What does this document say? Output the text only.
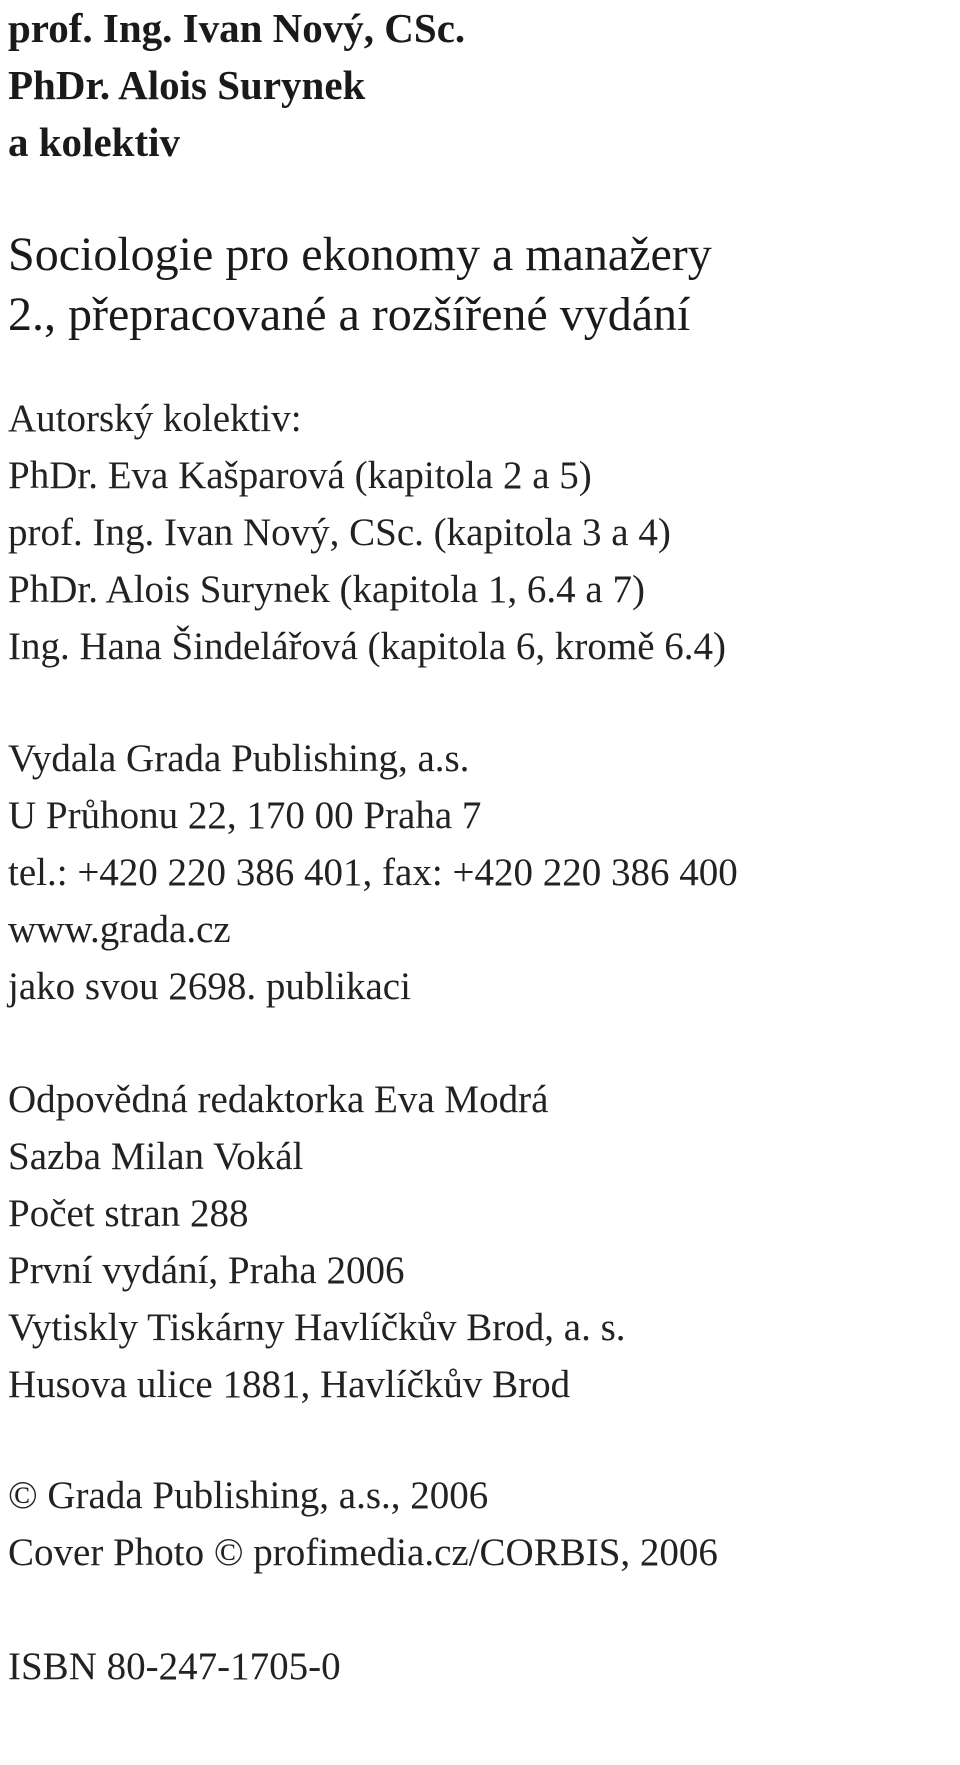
prof. Ing. Ivan Nový, CSc.
PhDr. Alois Surynek
a kolektiv
Sociologie pro ekonomy a manažery
2., přepracované a rozšířené vydání
Autorský kolektiv:
PhDr. Eva Kašparová (kapitola 2 a 5)
prof. Ing. Ivan Nový, CSc. (kapitola 3 a 4)
PhDr. Alois Surynek (kapitola 1, 6.4 a 7)
Ing. Hana Šindelářová (kapitola 6, kromě 6.4)
Vydala Grada Publishing, a.s.
U Průhonu 22, 170 00 Praha 7
tel.: +420 220 386 401, fax: +420 220 386 400
www.grada.cz
jako svou 2698. publikaci
Odpovědná redaktorka Eva Modrá
Sazba Milan Vokál
Počet stran 288
První vydání, Praha 2006
Vytiskly Tiskárny Havlíčkův Brod, a. s.
Husova ulice 1881, Havlíčkův Brod
© Grada Publishing, a.s., 2006
Cover Photo © profimedia.cz/CORBIS, 2006
ISBN 80-247-1705-0
